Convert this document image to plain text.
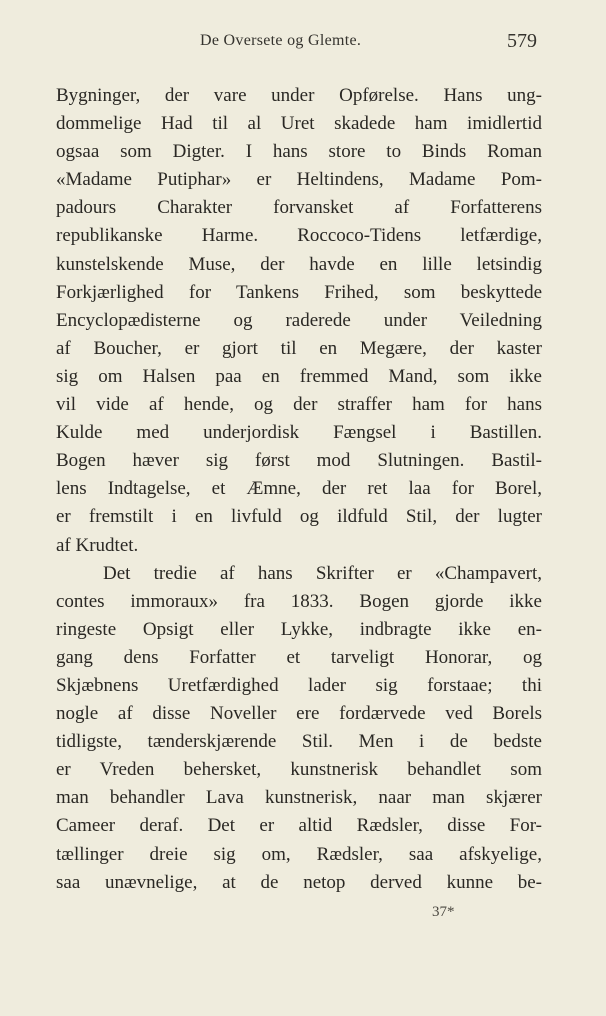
De Oversete og Glemte.	579
Bygninger, der vare under Opførelse. Hans ung-
dommelige Had til al Uret skadede ham imidlertid
ogsaa som Digter. I hans store to Binds Roman
«Madame Putiphar» er Heltindens, Madame Pom-
padours Charakter forvansket af Forfatterens
republikanske Harme. Roccoco-Tidens letfærdige,
kunstelskende Muse, der havde en lille letsindig
Forkjærlighed for Tankens Frihed, som beskyttede
Encyclopædisterne og raderede under Veiledning
af Boucher, er gjort til en Megære, der kaster
sig om Halsen paa en fremmed Mand, som ikke
vil vide af hende, og der straffer ham for hans
Kulde med underjordisk Fængsel i Bastillen.
Bogen hæver sig først mod Slutningen. Bastil-
lens Indtagelse, et Æmne, der ret laa for Borel,
er fremstilt i en livfuld og ildfuld Stil, der lugter
af Krudtet.
Det tredie af hans Skrifter er «Champavert,
contes immoraux» fra 1833. Bogen gjorde ikke
ringeste Opsigt eller Lykke, indbragte ikke en-
gang dens Forfatter et tarveligt Honorar, og
Skjæbnens Uretfærdighed lader sig forstaae; thi
nogle af disse Noveller ere fordærvede ved Borels
tidligste, tænderskjærende Stil. Men i de bedste
er Vreden behersket, kunstnerisk behandlet som
man behandler Lava kunstnerisk, naar man skjærer
Cameer deraf. Det er altid Rædsler, disse For-
tællinger dreie sig om, Rædsler, saa afskyelige,
saa unævnelige, at de netop derved kunne be-
37*
